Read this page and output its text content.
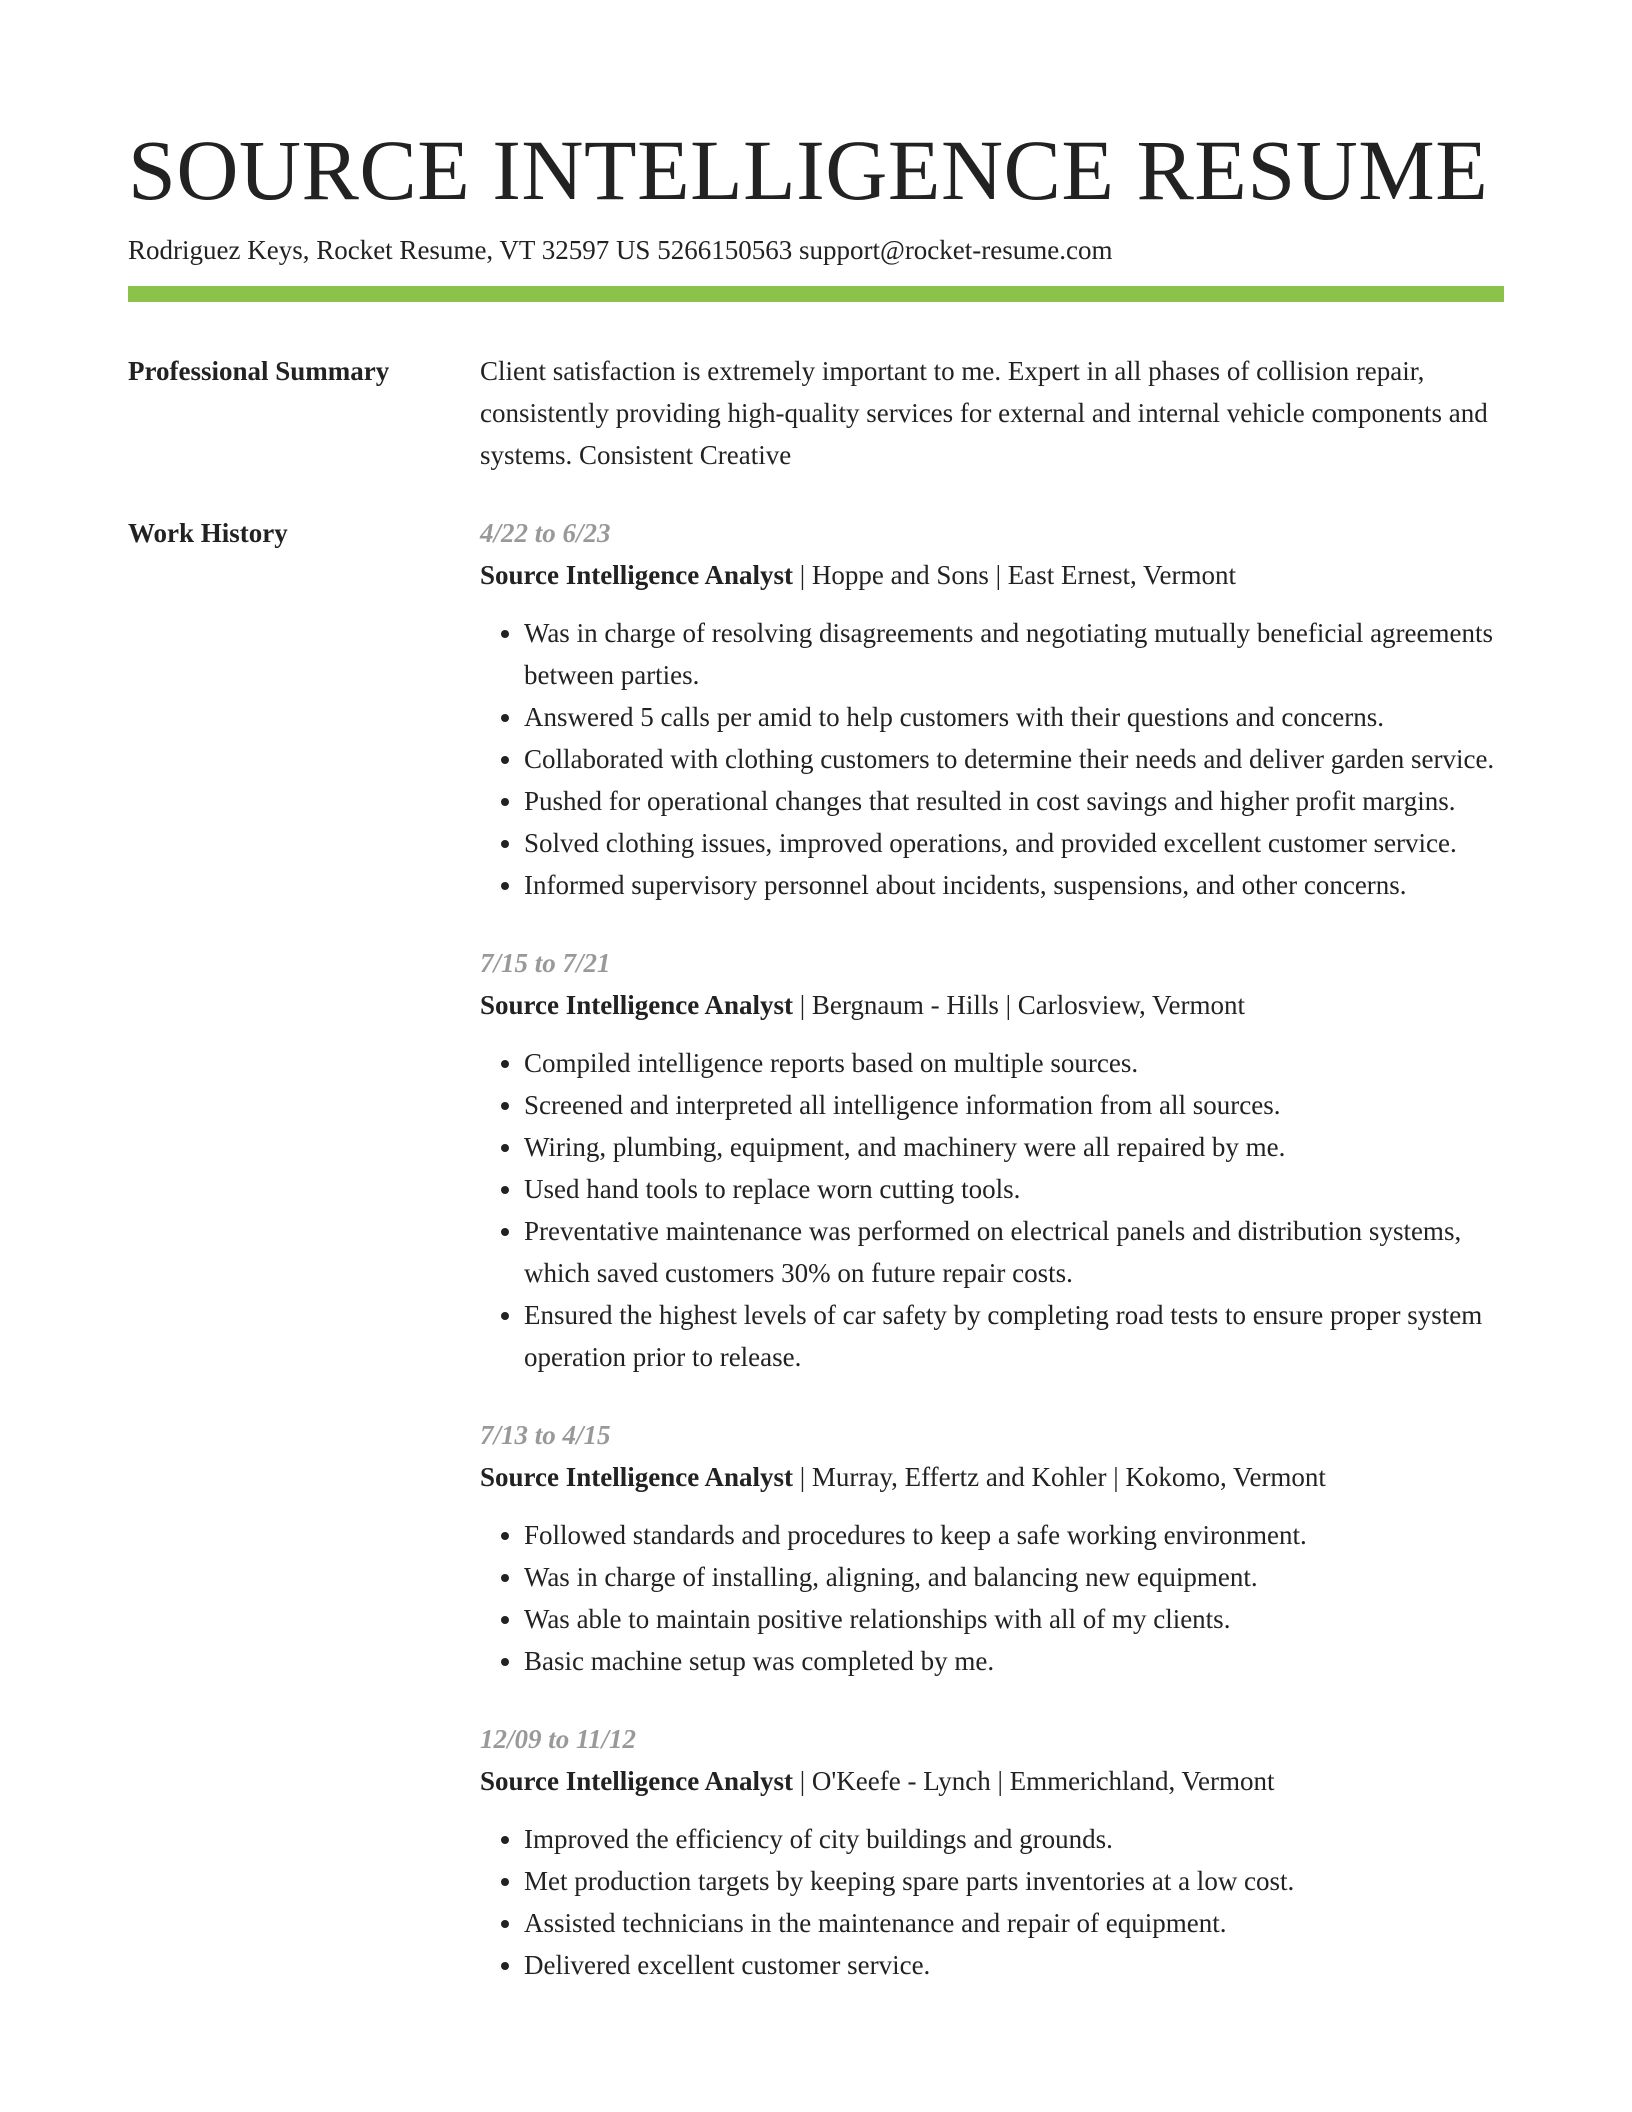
SOURCE INTELLIGENCE RESUME
Rodriguez Keys, Rocket Resume, VT 32597 US 5266150563 support@rocket-resume.com
Professional Summary	Client satisfaction is extremely important to me. Expert in all phases of collision repair, consistently providing high-quality services for external and internal vehicle components and systems. Consistent Creative

Work History	4/22 to 6/23
Source Intelligence Analyst | Hoppe and Sons | East Ernest, Vermont
• Was in charge of resolving disagreements and negotiating mutually beneficial agreements between parties.
• Answered 5 calls per amid to help customers with their questions and concerns.
• Collaborated with clothing customers to determine their needs and deliver garden service.
• Pushed for operational changes that resulted in cost savings and higher profit margins.
• Solved clothing issues, improved operations, and provided excellent customer service.
• Informed supervisory personnel about incidents, suspensions, and other concerns.
7/15 to 7/21
Source Intelligence Analyst | Bergnaum - Hills | Carlosview, Vermont
• Compiled intelligence reports based on multiple sources.
• Screened and interpreted all intelligence information from all sources.
• Wiring, plumbing, equipment, and machinery were all repaired by me.
• Used hand tools to replace worn cutting tools.
• Preventative maintenance was performed on electrical panels and distribution systems, which saved customers 30% on future repair costs.
• Ensured the highest levels of car safety by completing road tests to ensure proper system operation prior to release.
7/13 to 4/15
Source Intelligence Analyst | Murray, Effertz and Kohler | Kokomo, Vermont
• Followed standards and procedures to keep a safe working environment.
• Was in charge of installing, aligning, and balancing new equipment.
• Was able to maintain positive relationships with all of my clients.
• Basic machine setup was completed by me.
12/09 to 11/12
Source Intelligence Analyst | O'Keefe - Lynch | Emmerichland, Vermont
• Improved the efficiency of city buildings and grounds.
• Met production targets by keeping spare parts inventories at a low cost.
• Assisted technicians in the maintenance and repair of equipment.
• Delivered excellent customer service.
